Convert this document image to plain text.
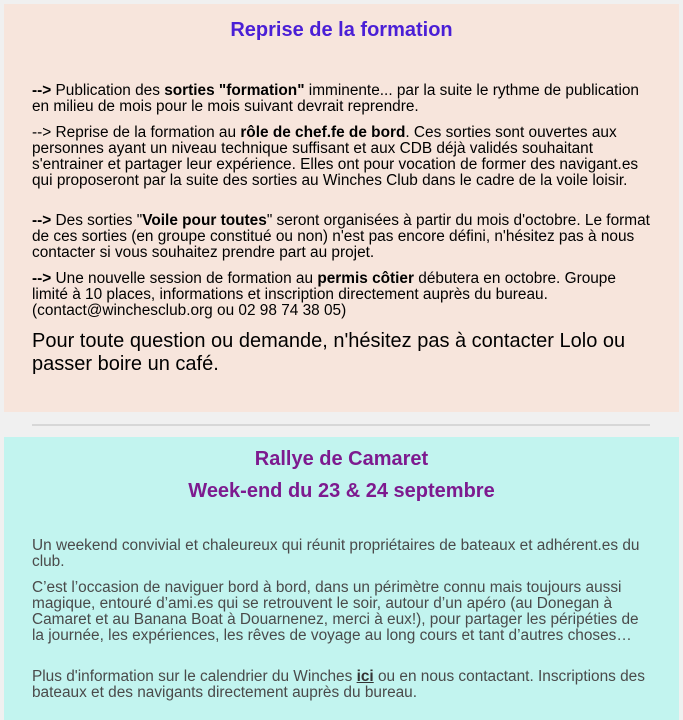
Reprise de la formation

--> Publication des sorties "formation" imminente... par la suite le rythme de publication en milieu de mois pour le mois suivant devrait reprendre.

--> Reprise de la formation au rôle de chef.fe de bord. Ces sorties sont ouvertes aux personnes ayant un niveau technique suffisant et aux CDB déjà validés souhaitant s'entrainer et partager leur expérience. Elles ont pour vocation de former des navigant.es qui proposeront par la suite des sorties au Winches Club dans le cadre de la voile loisir.

--> Des sorties "Voile pour toutes" seront organisées à partir du mois d'octobre. Le format de ces sorties (en groupe constitué ou non) n'est pas encore défini, n'hésitez pas à nous contacter si vous souhaitez prendre part au projet.

--> Une nouvelle session de formation au permis côtier débutera en octobre. Groupe limité à 10 places, informations et inscription directement auprès du bureau. (contact@winchesclub.org ou 02 98 74 38 05)

Pour toute question ou demande, n'hésitez pas à contacter Lolo ou passer boire un café.

Rallye de Camaret
Week-end du 23 & 24 septembre

Un weekend convivial et chaleureux qui réunit propriétaires de bateaux et adhérent.es du club.

C’est l’occasion de naviguer bord à bord, dans un périmètre connu mais toujours aussi magique, entouré d’ami.es qui se retrouvent le soir, autour d’un apéro (au Donegan à Camaret et au Banana Boat à Douarnenez, merci à eux!), pour partager les péripéties de la journée, les expériences, les rêves de voyage au long cours et tant d’autres choses…

Plus d'information sur le calendrier du Winches ici ou en nous contactant. Inscriptions des bateaux et des navigants directement auprès du bureau.
